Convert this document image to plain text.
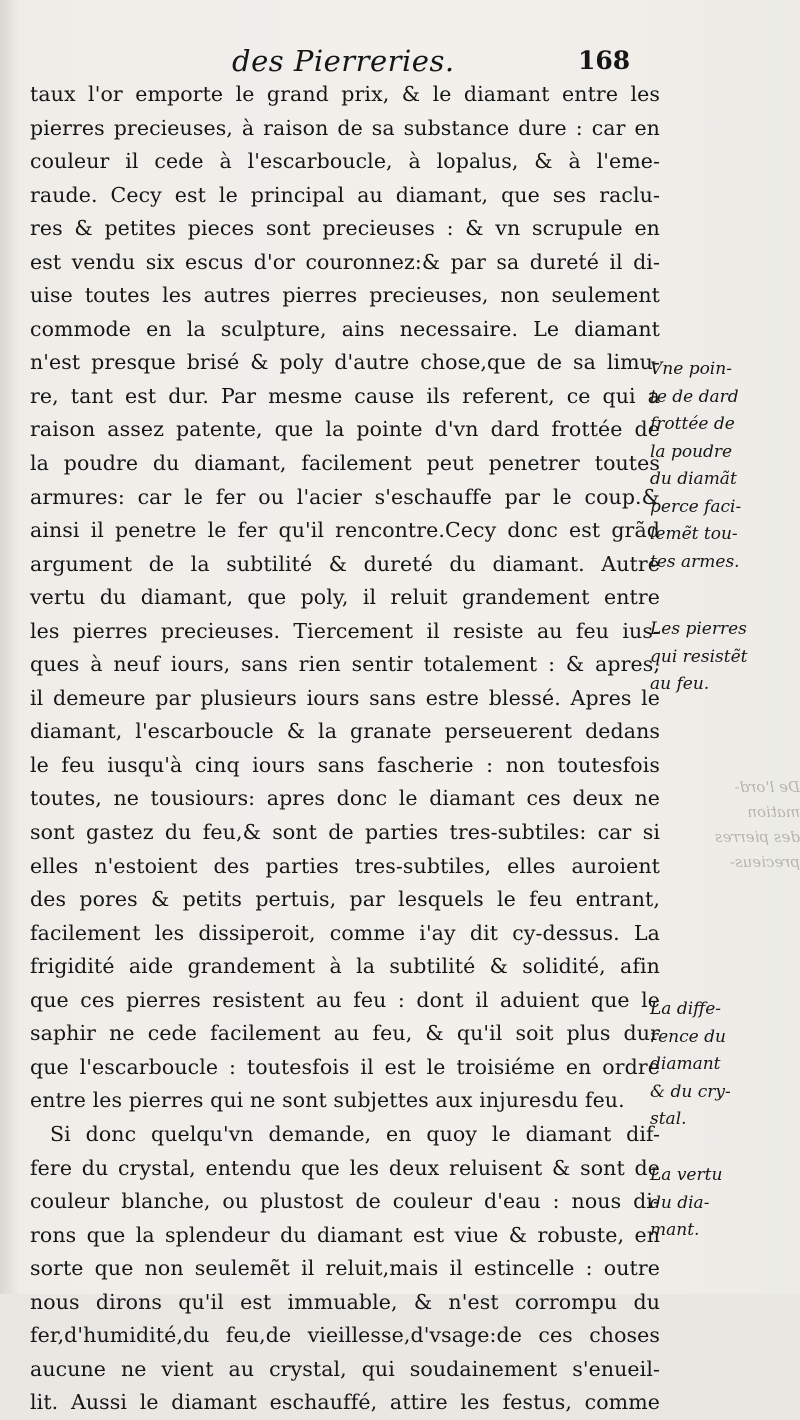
des Pierreries.	168
taux l'or emporte le grand prix, & le diamant entre les
pierres precieuses, à raison de sa substance dure : car en
couleur il cede à l'escarboucle, à lopalus, & à l'eme-
raude. Cecy est le principal au diamant, que ses raclu-
res & petites pieces sont precieuses : & vn scrupule en
est vendu six escus d'or couronnez:& par sa dureté il di-
uise toutes les autres pierres precieuses, non seulement
commode en la sculpture, ains necessaire. Le diamant
n'est presque brisé & poly d'autre chose,que de sa limu-
re, tant est dur. Par mesme cause ils referent, ce qui a
raison assez patente, que la pointe d'vn dard frottée de
la poudre du diamant, facilement peut penetrer toutes
armures: car le fer ou l'acier s'eschauffe par le coup.&
ainsi il penetre le fer qu'il rencontre.Cecy donc est grãd
argument de la subtilité & dureté du diamant. Autre
vertu du diamant, que poly, il reluit grandement entre
les pierres precieuses. Tiercement il resiste au feu ius-
ques à neuf iours, sans rien sentir totalement : & apres,
il demeure par plusieurs iours sans estre blessé. Apres le
diamant, l'escarboucle & la granate perseuerent dedans
le feu iusqu'à cinq iours sans fascherie : non toutesfois
toutes, ne tousiours: apres donc le diamant ces deux ne
sont gastez du feu,& sont de parties tres-subtiles: car si
elles n'estoient des parties tres-subtiles, elles auroient
des pores & petits pertuis, par lesquels le feu entrant,
facilement les dissiperoit, comme i'ay dit cy-dessus. La
frigidité aide grandement à la subtilité & solidité, afin
que ces pierres resistent au feu : dont il aduient que le
saphir ne cede facilement au feu, & qu'il soit plus dur
que l'escarboucle : toutesfois il est le troisiéme en ordre
entre les pierres qui ne sont subjettes aux injuresdu feu.
Si donc quelqu'vn demande, en quoy le diamant dif-
fere du crystal, entendu que les deux reluisent & sont de
couleur blanche, ou plustost de couleur d'eau : nous di-
rons que la splendeur du diamant est viue & robuste, en
sorte que non seulemẽt il reluit,mais il estincelle : outre
nous dirons qu'il est immuable, & n'est corrompu du
fer,d'humidité,du feu,de vieillesse,d'vsage:de ces choses
aucune ne vient au crystal, qui soudainement s'enueil-
lit. Aussi le diamant eschauffé, attire les festus, comme
Vne poin-
te de dard
frottée de
la poudre
du diamãt
perce faci-
lemẽt tou-
tes armes.
Les pierres
qui resistẽt
au feu.
La diffe-
rence du
diamant
& du cry-
stal.
La vertu
du dia-
mant.
De l'ord-
mation
des pierres
precieus-
